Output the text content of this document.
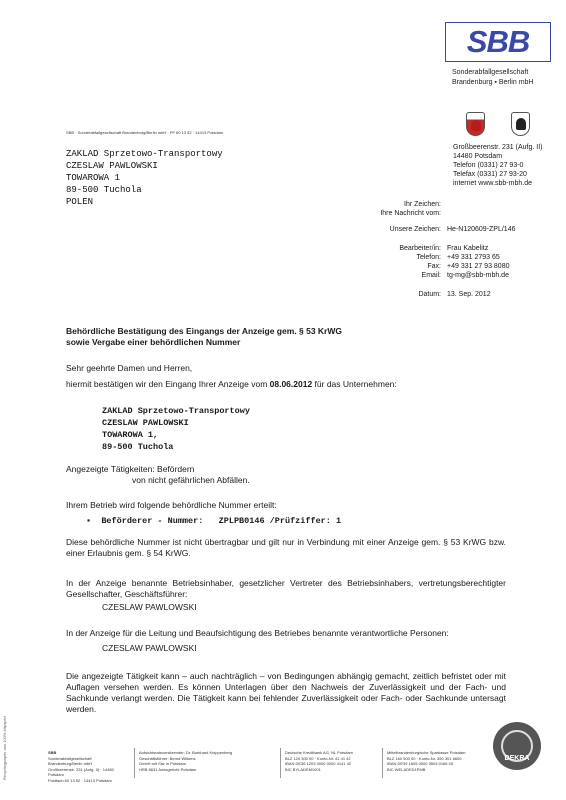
SBB
Sonderabfallgesellschaft
Brandenburg ▪ Berlin mbH
Großbeerenstr. 231 (Aufg. II)
14480 Potsdam
Telefon (0331) 27 93-0
Telefax (0331) 27 93-20
internet www.sbb-mbh.de
SBB · Sonderabfallgesellschaft Brandenburg/Berlin mbH · PF 60 13 52 · 14413 Potsdam
ZAKLAD Sprzetowo-Transportowy
CZESLAW PAWLOWSKI
TOWAROWA 1
89-500 Tuchola
POLEN	Ihr Zeichen:
Ihre Nachricht vom:
Unsere Zeichen: He-N120609-ZPL/146
Bearbeiter/in: Frau Kabelitz
Telefon: +49 331 2793 65
Fax: +49 331 27 93 8080
Email: tg-mg@sbb-mbh.de
Datum: 13. Sep. 2012
Behördliche Bestätigung des Eingangs der Anzeige gem. § 53 KrWG
sowie Vergabe einer behördlichen Nummer
Sehr geehrte Damen und Herren,
hiermit bestätigen wir den Eingang Ihrer Anzeige vom 08.06.2012 für das Unternehmen:
ZAKLAD Sprzetowo-Transportowy
CZESLAW PAWLOWSKI
TOWAROWA 1,
89-500 Tuchola
Angezeigte Tätigkeiten: Befördern
von nicht gefährlichen Abfällen.
Ihrem Betrieb wird folgende behördliche Nummer erteilt:
▪ Beförderer - Nummer: ZPLPB0146 /Prüfziffer: 1
Diese behördliche Nummer ist nicht übertragbar und gilt nur in Verbindung mit einer Anzeige gem. § 53 KrWG bzw. einer Erlaubnis gem. § 54 KrWG.
In der Anzeige benannte Betriebsinhaber, gesetzlicher Vertreter des Betriebsinhabers, vertretungsberechtigter Gesellschafter, Geschäftsführer:
CZESLAW PAWLOWSKI
In der Anzeige für die Leitung und Beaufsichtigung des Betriebes benannte verantwortliche Personen:
CZESLAW PAWLOWSKI
Die angezeigte Tätigkeit kann – auch nachträglich – von Bedingungen abhängig gemacht, zeitlich befristet oder mit Auflagen versehen werden. Es können Unterlagen über den Nachweis der Zuverlässigkeit und der Fach- und Sachkunde verlangt werden. Die Tätigkeit kann bei fehlender Zuverlässigkeit oder Fach- oder Sachkunde untersagt werden.
SBB
Sonderabfallgesellschaft Brandenburg/Berlin mbH
Großbeerenstr. 231 (Aufg. II) · 14480 Potsdam
Postfach 60 13 52 · 14413 Potsdam
Aufsichtsratsvorsitzender: Dr. Burkhard Knippenberg
Geschäftsführer: Bernd Wilkens
GmbH mit Sitz in Potsdam
HRB 8631 Amtsgericht Potsdam
Deutsche Kreditbank AG, NL Potsdam
BLZ 120 300 00 · Konto-Nr. 41 41 42
IBAN DE36 1203 0000 0000 4141 42
BIC BYLADEM1001
Mittelbrandenburgische Sparkasse Potsdam
BLZ 160 500 00 · Konto-Nr. 350 301 6600
IBAN DE39 1605 0000 3503 0166 00
BIC WELADED1PMB
DEKRA
Recyclingpapier aus 100% Altpapier
